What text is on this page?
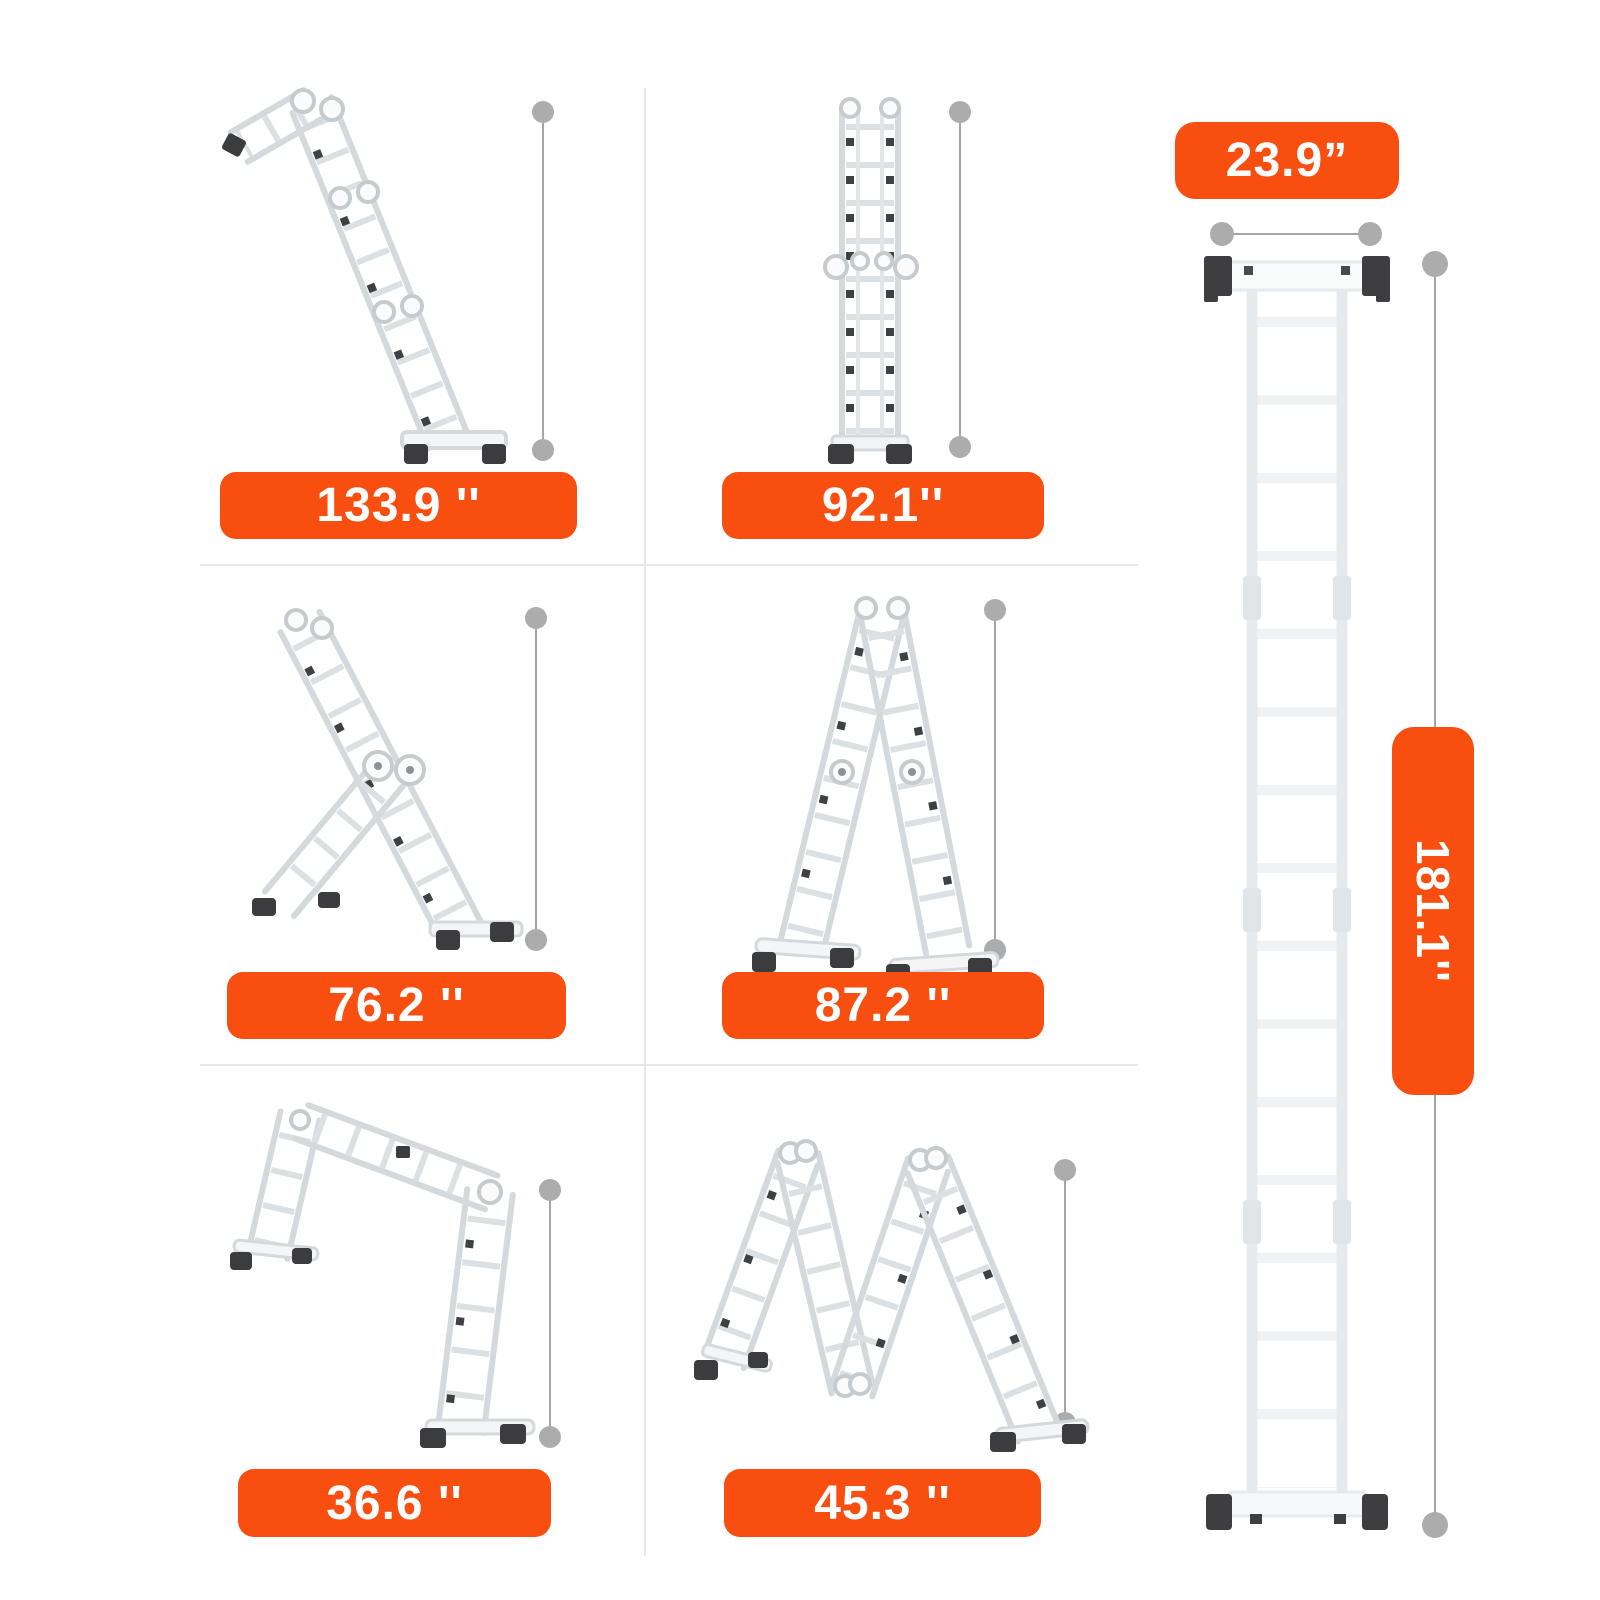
133.9 ''	92.1''
76.2 ''	87.2 ''
36.6 ''	45.3 ''
23.9”
181.1''
